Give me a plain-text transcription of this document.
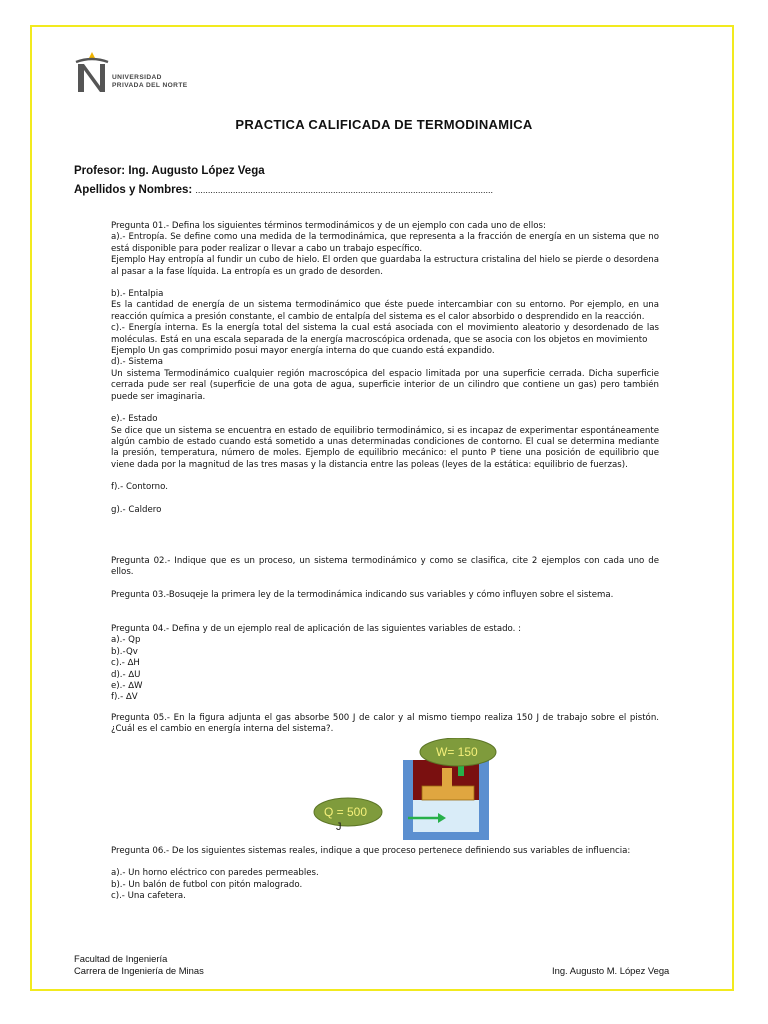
UNIVERSIDAD
PRIVADA DEL NORTE
PRACTICA CALIFICADA DE TERMODINAMICA
Profesor: Ing. Augusto López Vega
Apellidos y Nombres: .......................................................................................................................

Pregunta 01.- Defina los siguientes términos termodinámicos y de un ejemplo con cada uno de ellos:

a).- Entropía. Se define como una medida de la termodinámica, que representa a la fracción de energía en un sistema que no está disponible para poder realizar o llevar a cabo un trabajo específico.

Ejemplo Hay entropía al fundir un cubo de hielo. El orden que guardaba la estructura cristalina del hielo se pierde o desordena al pasar a la fase líquida. La entropía es un grado de desorden.

b).- Entalpia

Es la cantidad de energía de un sistema termodinámico que éste puede intercambiar con su entorno. Por ejemplo, en una reacción química a presión constante, el cambio de entalpía del sistema es el calor absorbido o desprendido en la reacción.

c).- Energía interna. Es la energía total del sistema la cual está asociada con el movimiento aleatorio y desordenado de las moléculas. Está en una escala separada de la energía macroscópica ordenada, que se asocia con los objetos en movimiento

Ejemplo Un gas comprimido posui mayor energía interna do que cuando está expandido.

d).- Sistema

Un sistema Termodinámico cualquier región macroscópica del espacio limitada por una superficie cerrada. Dicha superficie cerrada pude ser real (superficie de una gota de agua, superficie interior de un cilindro que contiene un gas) pero también puede ser imaginaria.

e).- Estado

Se dice que un sistema se encuentra en estado de equilibrio termodinámico, si es incapaz de experimentar espontáneamente algún cambio de estado cuando está sometido a unas determinadas condiciones de contorno. El cual se determina mediante la presión, temperatura, número de moles. Ejemplo de equilibrio mecánico: el punto P tiene una posición de equilibrio que viene dada por la magnitud de las tres masas y la distancia entre las poleas (leyes de la estática: equilibrio de fuerzas).

f).- Contorno.

g).- Caldero

Pregunta 02.- Indique que es un proceso, un sistema termodinámico y como se clasifica, cite 2 ejemplos con cada uno de ellos.
Pregunta 03.-Bosuqeje la primera ley de la termodinámica indicando sus variables y cómo influyen sobre el sistema.

Pregunta 04.- Defina y de un ejemplo real de aplicación de las siguientes variables de estado. :

a).- Qp

b).-Qv

c).- ∆H

d).- ∆U

e).- ∆W

f).- ∆V

Pregunta 05.- En la figura adjunta el gas absorbe 500 J de calor y al mismo tiempo realiza 150 J de trabajo sobre el pistón. ¿Cuál es el cambio en energía interna del sistema?.
W= 150
Q = 500
J

Pregunta 06.- De los siguientes sistemas reales, indique a que proceso pertenece definiendo sus variables de influencia:

a).- Un horno eléctrico con paredes permeables.

b).- Un balón de futbol con pitón malogrado.

c).- Una cafetera.

Facultad de Ingeniería
Carrera de Ingeniería de Minas	Ing. Augusto M. López Vega
